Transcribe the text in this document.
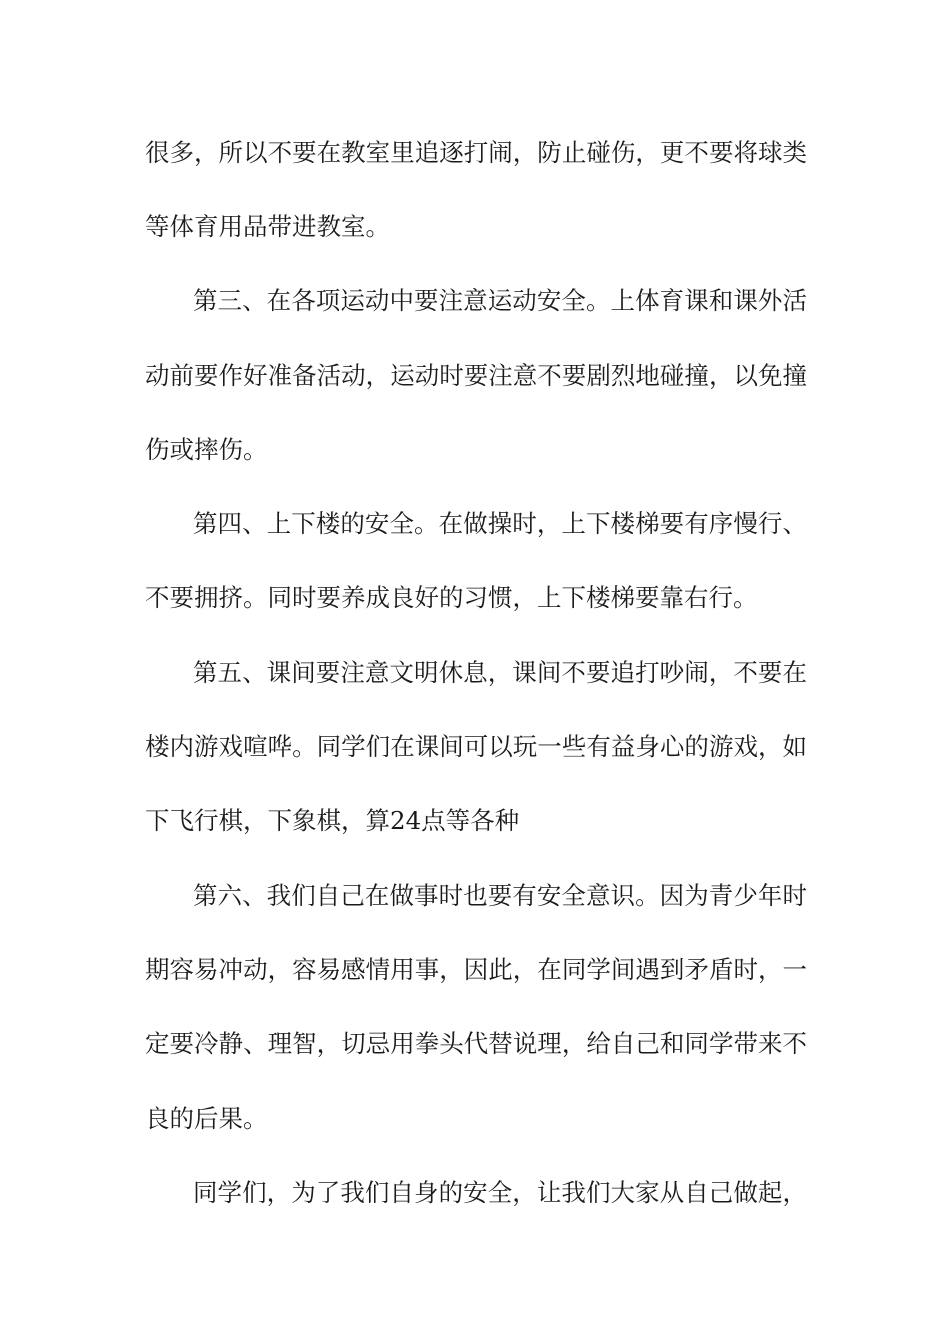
很多，所以不要在教室里追逐打闹，防止碰伤，更不要将球类
等体育用品带进教室。
第三、在各项运动中要注意运动安全。上体育课和课外活
动前要作好准备活动，运动时要注意不要剧烈地碰撞，以免撞
伤或摔伤。
第四、上下楼的安全。在做操时，上下楼梯要有序慢行、
不要拥挤。同时要养成良好的习惯，上下楼梯要靠右行。
第五、课间要注意文明休息，课间不要追打吵闹，不要在
楼内游戏喧哗。同学们在课间可以玩一些有益身心的游戏，如
下飞行棋，下象棋，算24点等各种
第六、我们自己在做事时也要有安全意识。因为青少年时
期容易冲动，容易感情用事，因此，在同学间遇到矛盾时，一
定要冷静、理智，切忌用拳头代替说理，给自己和同学带来不
良的后果。
同学们，为了我们自身的安全，让我们大家从自己做起，
